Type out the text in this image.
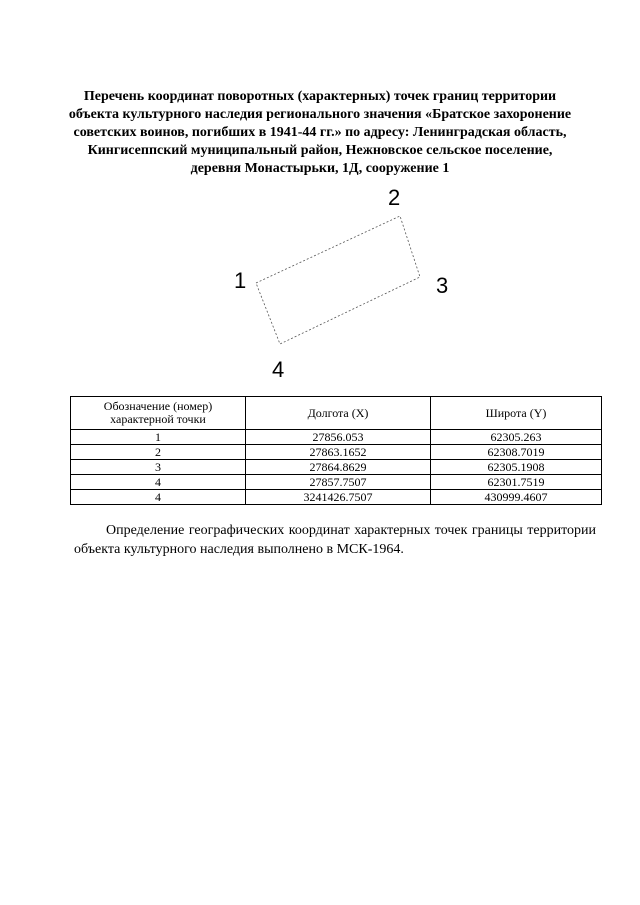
Перечень координат поворотных (характерных) точек границ территории
объекта культурного наследия регионального значения «Братское захоронение
советских воинов, погибших в 1941-44 гг.» по адресу: Ленинградская область,
Кингисеппский муниципальный район, Нежновское сельское поселение,
деревня Монастырьки, 1Д, сооружение 1
1
2
3
4
Обозначение (номер) характерной точки	Долгота (X)	Широта (Y)
1	27856.053	62305.263
2	27863.1652	62308.7019
3	27864.8629	62305.1908
4	27857.7507	62301.7519
4	3241426.7507	430999.4607
Определение географических координат характерных точек границы территории объекта культурного наследия выполнено в МСК-1964.
